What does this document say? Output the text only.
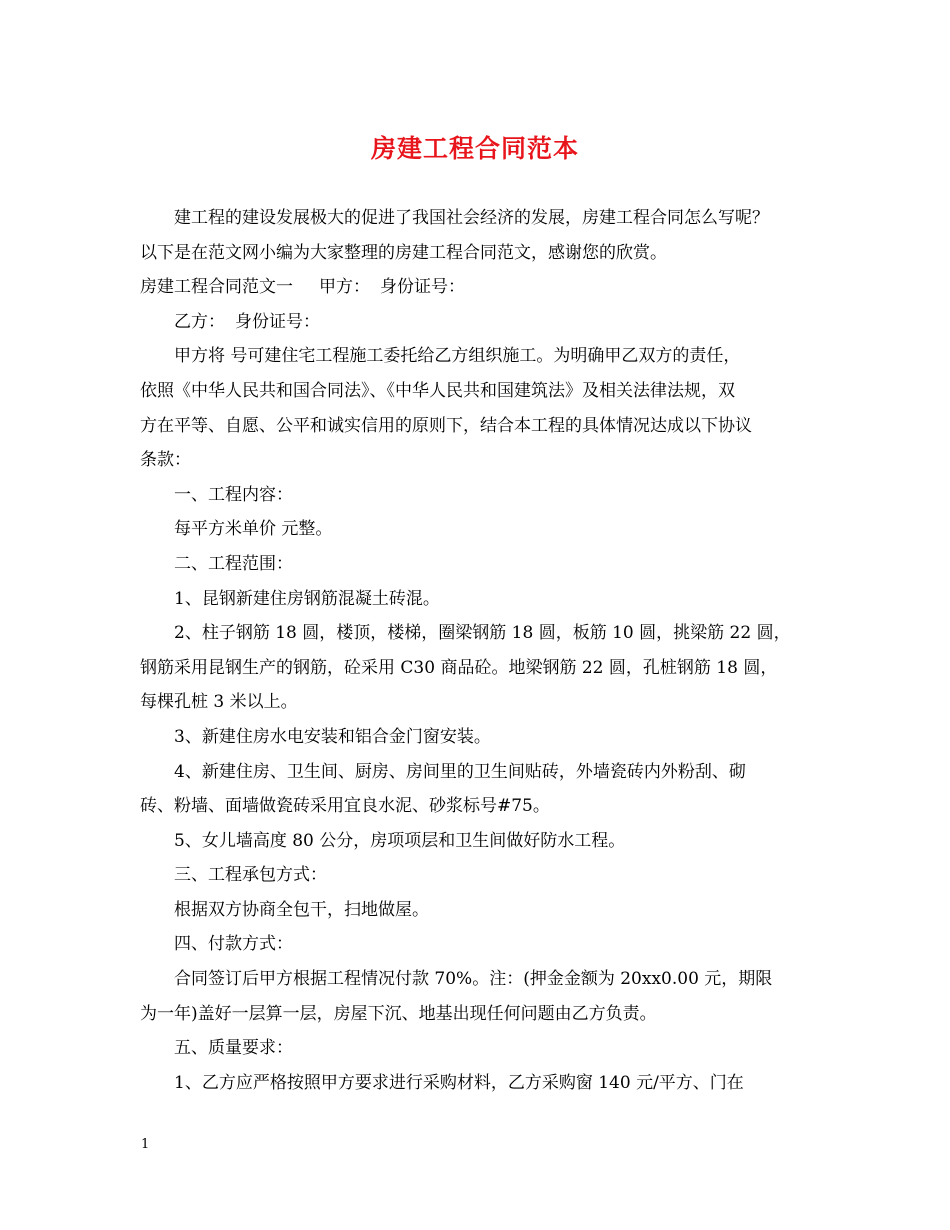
房建工程合同范本

建工程的建设发展极大的促进了我国社会经济的发展，房建工程合同怎么写呢？

以下是在范文网小编为大家整理的房建工程合同范文，感谢您的欣赏。

房建工程合同范文一 甲方： 身份证号：

乙方： 身份证号：

甲方将 号可建住宅工程施工委托给乙方组织施工。为明确甲乙双方的责任，

依照《中华人民共和国合同法》、《中华人民共和国建筑法》及相关法律法规，双

方在平等、自愿、公平和诚实信用的原则下，结合本工程的具体情况达成以下协议

条款：

一、工程内容：

每平方米单价 元整。

二、工程范围：

1、昆钢新建住房钢筋混凝土砖混。

2、柱子钢筋 18 圆，楼顶，楼梯，圈梁钢筋 18 圆，板筋 10 圆，挑梁筋 22 圆，

钢筋采用昆钢生产的钢筋，砼采用 C30 商品砼。地梁钢筋 22 圆，孔桩钢筋 18 圆，

每棵孔桩 3 米以上。

3、新建住房水电安装和铝合金门窗安装。

4、新建住房、卫生间、厨房、房间里的卫生间贴砖，外墙瓷砖内外粉刮、砌

砖、粉墙、面墙做瓷砖采用宜良水泥、砂浆标号#75。

5、女儿墙高度 80 公分，房项项层和卫生间做好防水工程。

三、工程承包方式：

根据双方协商全包干，扫地做屋。

四、付款方式：

合同签订后甲方根据工程情况付款 70%。注：(押金金额为 20xx0.00 元，期限

为一年)盖好一层算一层，房屋下沉、地基出现任何问题由乙方负责。

五、质量要求：

1、乙方应严格按照甲方要求进行采购材料，乙方采购窗 140 元/平方、门在

1
